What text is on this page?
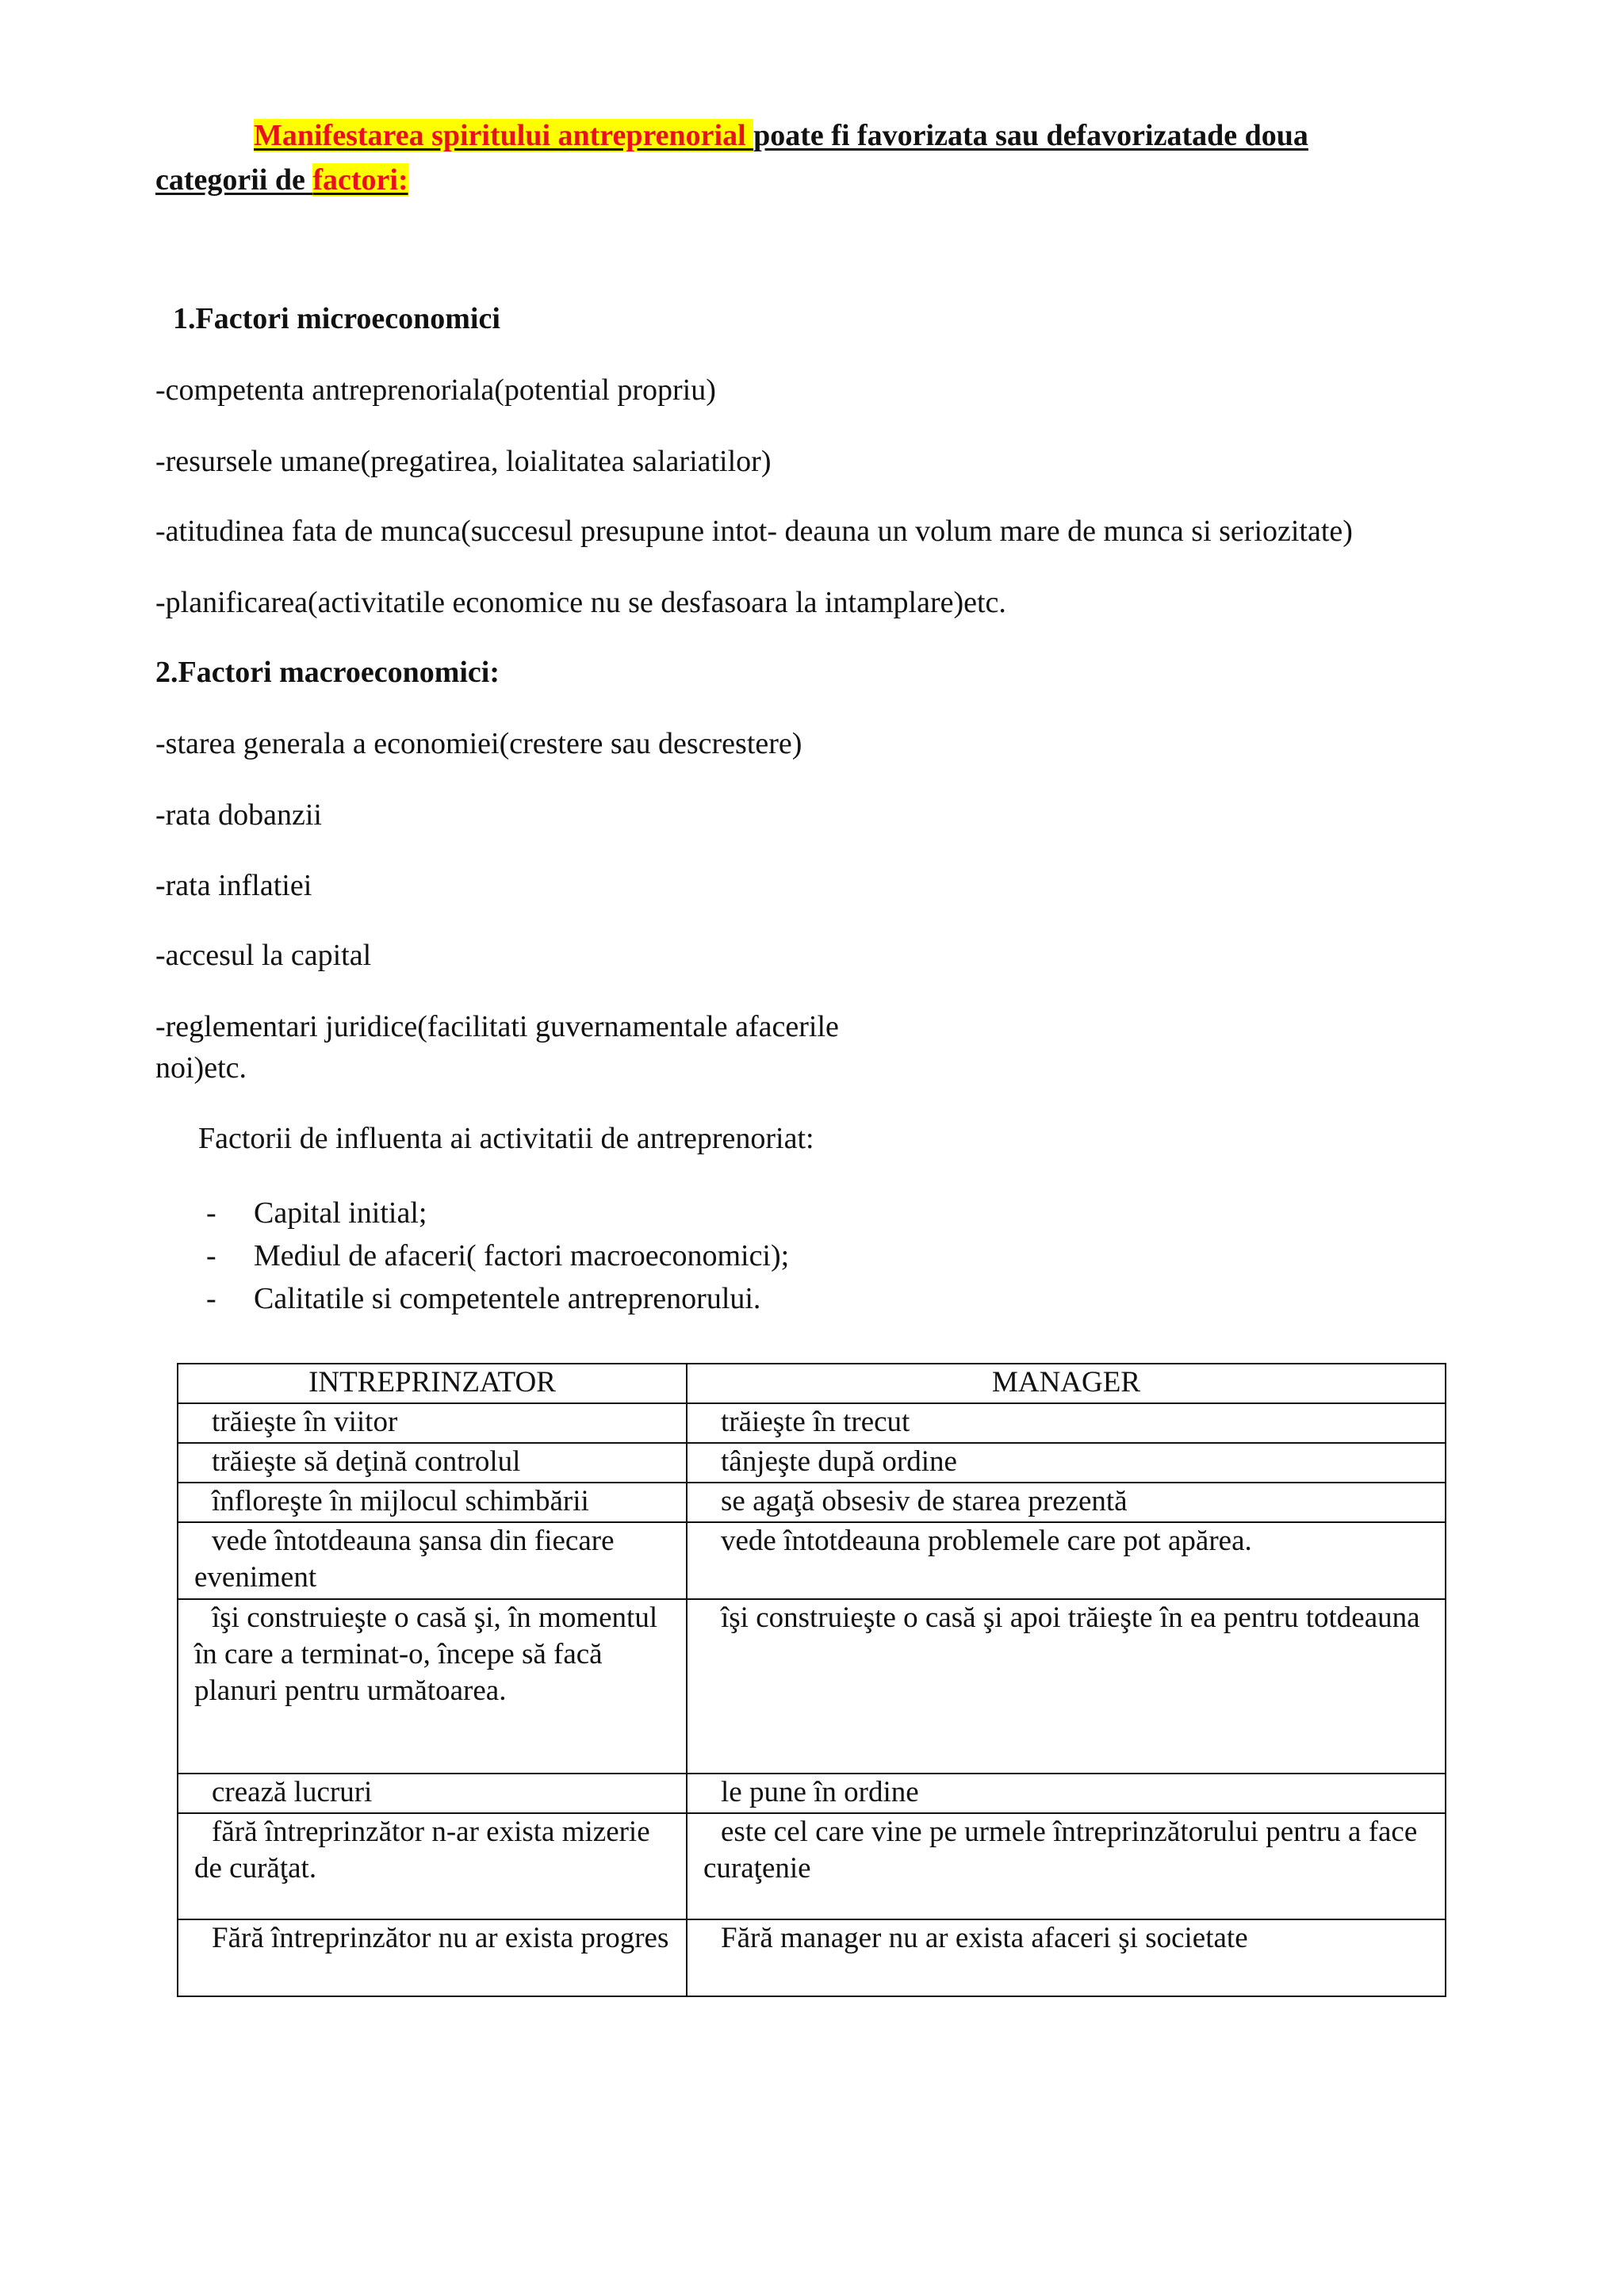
Manifestarea spiritului antreprenorial poate fi favorizata sau defavorizatade doua
categorii de factori:
1.Factori microeconomici
-competenta antreprenoriala(potential propriu)
-resursele umane(pregatirea, loialitatea salariatilor)
-atitudinea fata de munca(succesul presupune intot- deauna un volum mare de munca si seriozitate)
-planificarea(activitatile economice nu se desfasoara la intamplare)etc.
2.Factori macroeconomici:
-starea generala a economiei(crestere sau descrestere)
-rata dobanzii
-rata inflatiei
-accesul la capital
-reglementari juridice(facilitati guvernamentale afacerile
noi)etc.
Factorii de influenta ai activitatii de antreprenoriat:
- Capital initial;
- Mediul de afaceri( factori macroeconomici);
- Calitatile si competentele antreprenorului.
INTREPRINZATOR	MANAGER
trăieşte în viitor	trăieşte în trecut
trăieşte să deţină controlul	tânjeşte după ordine
înfloreşte în mijlocul schimbării	se agaţă obsesiv de starea prezentă
vede întotdeauna şansa din fiecare eveniment	vede întotdeauna problemele care pot apărea.
îşi construieşte o casă şi, în momentul în care a terminat-o, începe să facă planuri pentru următoarea.	îşi construieşte o casă şi apoi trăieşte în ea pentru totdeauna
crează lucruri	le pune în ordine
fără întreprinzător n-ar exista mizerie de curăţat.	este cel care vine pe urmele întreprinzătorului pentru a face curaţenie
Fără întreprinzător nu ar exista progres	Fără manager nu ar exista afaceri şi societate
